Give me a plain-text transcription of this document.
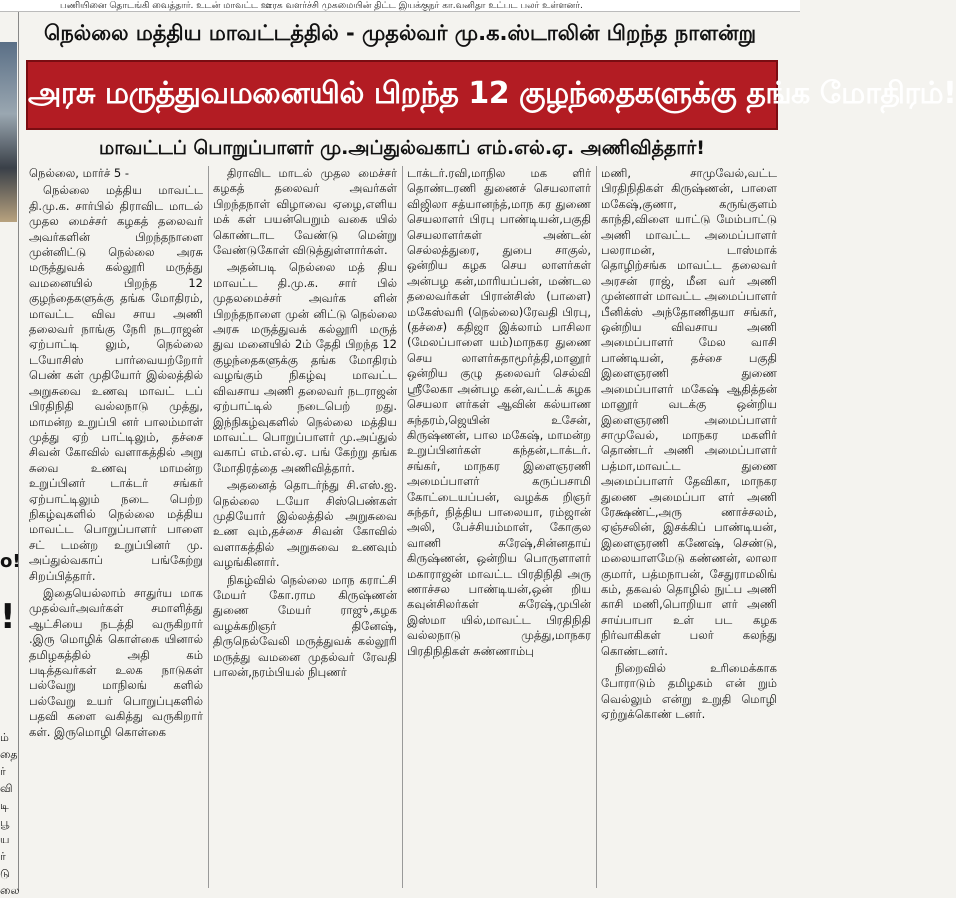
பணியினை தொடங்கி வைத்தார். உடன் மாவட்ட ஊரக வளர்ச்சி முகமையின் திட்ட இயக்குநர் கா.வனிதா உட்பட பலர் உள்ளனர்.
o!
!
ம்
தை
ர்
வி
டி
பூ
ய
ர்
டு
லை
நெல்லை மத்திய மாவட்டத்தில் - முதல்வர் மு.க.ஸ்டாலின் பிறந்த நாளன்று
அரசு மருத்துவமனையில் பிறந்த 12 குழந்தைகளுக்கு தங்க மோதிரம்!
மாவட்டப் பொறுப்பாளர் மு.அப்துல்வகாப் எம்.எல்.ஏ. அணிவித்தார்!

நெல்லை, மார்ச் 5 -

நெல்லை மத்திய மாவட்ட தி.மு.க. சார்பில் திராவிட மாடல் முதல மைச்சர் கழகத் தலைவர் அவர்களின் பிறந்தநாளை முன்னிட்டு நெல்லை அரசு மருத்துவக் கல்லூரி மருத்து வமனையில் பிறந்த 12 குழந்தைகளுக்கு தங்க மோதிரம், மாவட்ட விவ சாய அணி தலைவர் நாங்கு நேரி நடராஜன் ஏற்பாட்டி லும், நெல்லை டயோசிஸ் பார்வையற்றோர் பெண் கள் முதியோர் இல்லத்தில் அறுசுவை உணவு மாவட் டப் பிரதிநிதி வல்லநாடு முத்து, மாமன்ற உறுப்பி னர் பாலம்மாள் முத்து ஏற் பாட்டிலும், தச்சை சிவன் கோவில் வளாகத்தில் அறு சுவை உணவு மாமன்ற உறுப்பினர் டாக்டர் சங்கர் ஏற்பாட்டிலும் நடை பெற்ற நிகழ்வுகளில் நெல்லை மத்திய மாவட்ட பொறுப்பாளர் பாளை சட் டமன்ற உறுப்பினர் மு. அப்துல்வகாப் பங்கேற்று சிறப்பித்தார்.

இதையெல்லாம் சாதுர்ய மாக முதல்வர்அவர்கள் சமாளித்து ஆட்சியை நடத்தி வருகிறார் .இரு மொழிக் கொள்கை யினால் தமிழகத்தில் அதி கம் படித்தவர்கள் உலக நாடுகள் பல்வேறு மாநிலங் களில் பல்வேறு உயர் பொறுப்புகளில் பதவி களை வகித்து வருகிறார் கள். இருமொழி கொள்கை

திராவிட மாடல் முதல மைச்சர் கழகத் தலைவர் அவர்கள் பிறந்தநாள் விழாவை ஏழை,எளிய மக் கள் பயன்பெறும் வகை யில் கொண்டாட வேண்டு மென்று வேண்டுகோள் விடுத்துள்ளார்கள்.

அதன்படி நெல்லை மத் திய மாவட்ட தி.மு.க. சார் பில் முதலமைச்சர் அவர்க ளின் பிறந்தநாளை முன் னிட்டு நெல்லை அரசு மருத்துவக் கல்லூரி மருத் துவ மனையில் 2ம் தேதி பிறந்த 12 குழந்தைகளுக்கு தங்க மோதிரம் வழங்கும் நிகழ்வு மாவட்ட விவசாய அணி தலைவர் நடராஜன் ஏற்பாட்டில் நடைபெற் றது. இந்நிகழ்வுகளில் நெல்லை மத்திய மாவட்ட பொறுப்பாளர் மு.அப்துல் வகாப் எம்.எல்.ஏ. பங் கேற்று தங்க மோதிரத்தை அணிவித்தார்.

அதனைத் தொடர்ந்து சி.எஸ்.ஐ. நெல்லை டயோ சிஸ்பெண்கள் முதியோர் இல்லத்தில் அறுசுவை உண வும்,தச்சை சிவன் கோவில் வளாகத்தில் அறுசுவை உணவும் வழங்கினார்.

நிகழ்வில் நெல்லை மாந கராட்சி மேயர் கோ.ராம கிருஷ்ணன் துணை மேயர் ராஜு்,கழக வழக்கறிஞர் தினேஷ், திருநெல்வேலி மருத்துவக் கல்லூரி மருத்து வமனை முதல்வர் ரேவதி பாலன்,நரம்பியல் நிபுணர்

டாக்டர்.ரவி,மாநில மக ளிர் தொண்டரணி துணைச் செயலாளர் விஜிலா சத்யானந்த்,மாந கர துணை செயலாளர் பிரபு பாண்டியன்,பகுதி செயலாளர்கள் அண்டன் செல்லத்துரை, துபை சாகுல், ஒன்றிய கழக செய லாளர்கள் அன்பழ கன்,மாரியப்பன், மண்டல தலைவர்கள் பிரான்சிஸ் (பாளை) மகேஸ்வரி (நெல்லை)ரேவதி பிரபு, (தச்சை) கதிஜா இக்லாம் பாசிலா (மேலப்பாளை யம்)மாநகர துணை செய லாளர்சுதாமூர்த்தி,மானூர் ஒன்றிய குழு தலைவர் செல்வி ஸ்ரீலேகா அன்பழ கன்,வட்டக் கழக செயலா ளர்கள் ஆவின் கல்யாண சுந்தரம்,ஜெயின் உசேன், கிருஷ்ணன், பால மகேஷ், மாமன்ற உறுப்பினர்கள் கந்தன்,டாக்டர். சங்கர், மாநகர இளைஞரணி அமைப்பாளர் கருப்பசாமி கோட்டையப்பன், வழக்க றிஞர் சுந்தர், நித்திய பாலையா, ரம்ஜான் அலி, பேச்சியம்மாள், கோகுல வாணி சுரேஷ்,சின்னதாய் கிருஷ்ணன், ஒன்றிய பொருளாளர் மகாராஜன் மாவட்ட பிரதிநிதி அரு ணாச்சல பாண்டியன்,ஒன் றிய கவுன்சிலர்கள் சுரேஷ்,முபின் இஸ்மா யில்,மாவட்ட பிரதிநிதி வல்லநாடு முத்து,மாநகர பிரதிநிதிகள் சுண்ணாம்பு

மணி, சாமுவேல்,வட்ட பிரதிநிதிகள் கிருஷ்ணன், பாளை மகேஷ்,குணா, கருங்குளம் காந்தி,விளை யாட்டு மேம்பாட்டு அணி மாவட்ட அமைப்பாளர் பலராமன், டாஸ்மாக் தொழிற்சங்க மாவட்ட தலைவர் அரசன் ராஜ், மீன வர் அணி முன்னாள் மாவட்ட அமைப்பாளர் பீனிக்ஸ் அந்தோணிதயா சங்கர், ஒன்றிய விவசாய அணி அமைப்பாளர் மேல வாசி பாண்டியன், தச்சை பகுதி இளைஞரணி துணை அமைப்பாளர் மகேஷ் ஆதித்தன் மானூர் வடக்கு ஒன்றிய இளைஞரணி அமைப்பாளர் சாமுவேல், மாநகர மகளிர் தொண்டர் அணி அமைப்பாளர் பத்மா,மாவட்ட துணை அமைப்பாளர் தேவிகா, மாநகர துணை அமைப்பா ளர் அணி ரேக்ஷண்ட்,அரு ணாச்சலம், ஏஞ்சலின், இசக்கிப் பாண்டியன், இளைஞரணி கணேஷ், செண்டு, மலையாளமேடு கண்ணன், லாலா குமார், பத்மநாபன், சேதுராமலிங் கம், தகவல் தொழில் நுட்ப அணி காசி மணி,பொறியா ளர் அணி சாய்பாபா உள் பட கழக நிர்வாகிகள் பலர் கலந்து கொண்டனர்.

நிறைவில் உரிமைக்காக போராடும் தமிழகம் என் றும் வெல்லும் என்று உறுதி மொழி ஏற்றுக்கொண் டனர்.
